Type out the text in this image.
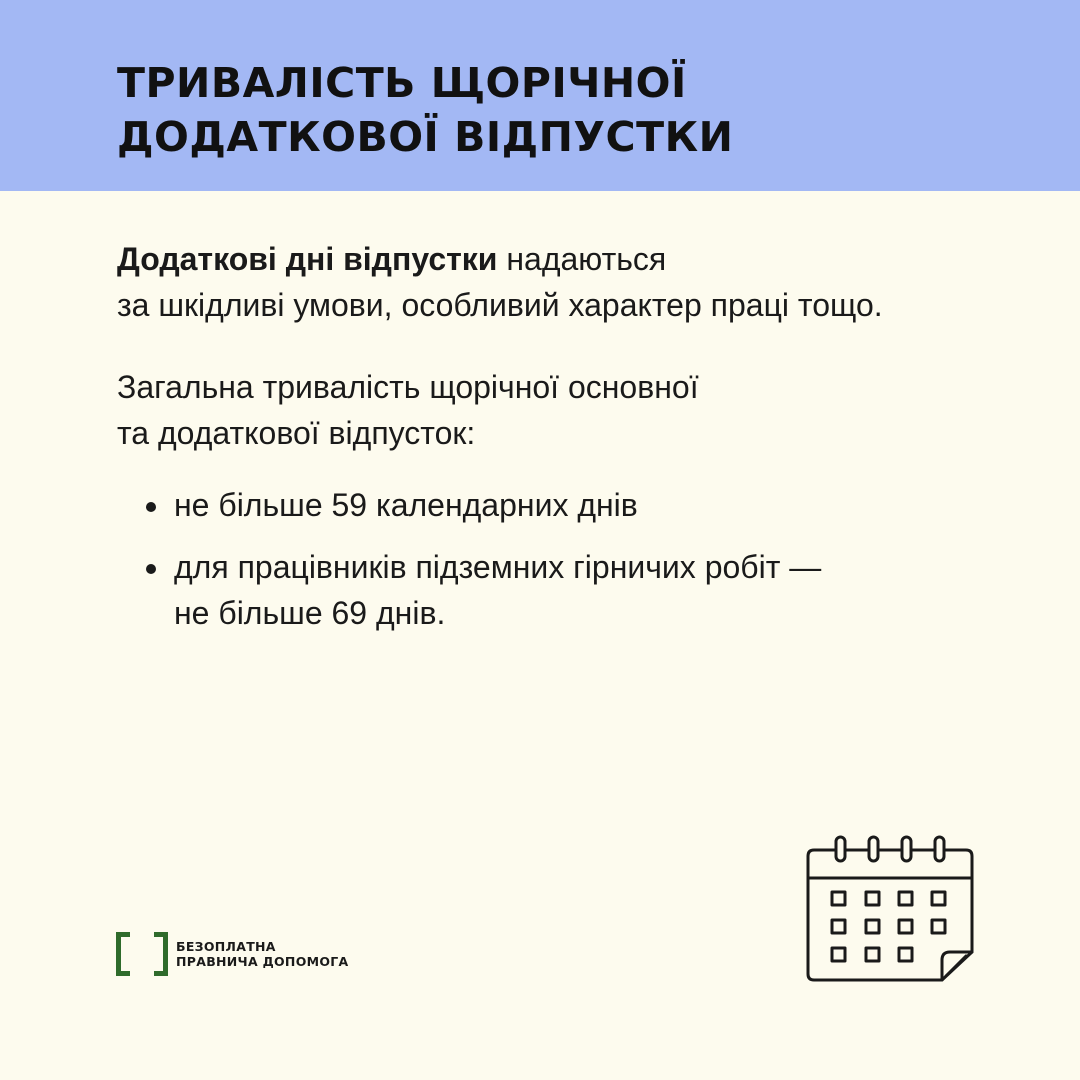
ТРИВАЛІСТЬ ЩОРІЧНОЇ
ДОДАТКОВОЇ ВІДПУСТКИ

Додаткові дні відпустки надаються
за шкідливі умови, особливий характер праці тощо.

Загальна тривалість щорічної основної
та додаткової відпусток:

не більше 59 календарних днів
для працівників підземних гірничих робіт —
не більше 69 днів.
БЕЗОПЛАТНА
ПРАВНИЧА ДОПОМОГА
